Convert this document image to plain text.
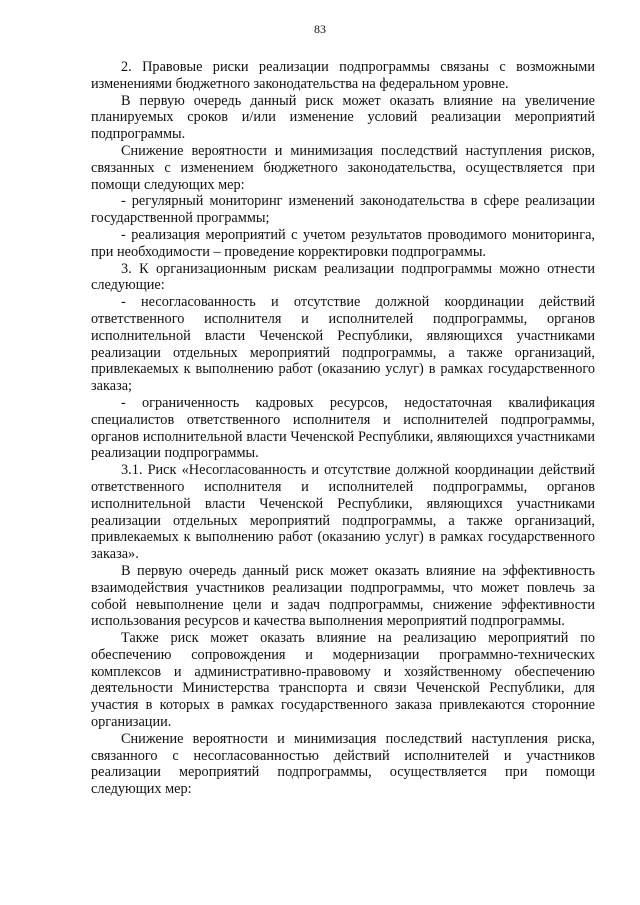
83

2. Правовые риски реализации подпрограммы связаны с возможными изменениями бюджетного законодательства на федеральном уровне.

В первую очередь данный риск может оказать влияние на увеличение планируемых сроков и/или изменение условий реализации мероприятий подпрограммы.

Снижение вероятности и минимизация последствий наступления рисков, связанных с изменением бюджетного законодательства, осуществляется при помощи следующих мер:

- регулярный мониторинг изменений законодательства в сфере реализации государственной программы;

- реализация мероприятий с учетом результатов проводимого мониторинга, при необходимости – проведение корректировки подпрограммы.

3. К организационным рискам реализации подпрограммы можно отнести следующие:

- несогласованность и отсутствие должной координации действий ответственного исполнителя и исполнителей подпрограммы, органов исполнительной власти Чеченской Республики, являющихся участниками реализации отдельных мероприятий подпрограммы, а также организаций, привлекаемых к выполнению работ (оказанию услуг) в рамках государственного заказа;

- ограниченность кадровых ресурсов, недостаточная квалификация специалистов ответственного исполнителя и исполнителей подпрограммы, органов исполнительной власти Чеченской Республики, являющихся участниками реализации подпрограммы.

3.1. Риск «Несогласованность и отсутствие должной координации действий ответственного исполнителя и исполнителей подпрограммы, органов исполнительной власти Чеченской Республики, являющихся участниками реализации отдельных мероприятий подпрограммы, а также организаций, привлекаемых к выполнению работ (оказанию услуг) в рамках государственного заказа».

В первую очередь данный риск может оказать влияние на эффективность взаимодействия участников реализации подпрограммы, что может повлечь за собой невыполнение цели и задач подпрограммы, снижение эффективности использования ресурсов и качества выполнения мероприятий подпрограммы.

Также риск может оказать влияние на реализацию мероприятий по обеспечению сопровождения и модернизации программно-технических комплексов и административно-правовому и хозяйственному обеспечению деятельности Министерства транспорта и связи Чеченской Республики, для участия в которых в рамках государственного заказа привлекаются сторонние организации.

Снижение вероятности и минимизация последствий наступления риска, связанного с несогласованностью действий исполнителей и участников реализации мероприятий подпрограммы, осуществляется при помощи следующих мер:
